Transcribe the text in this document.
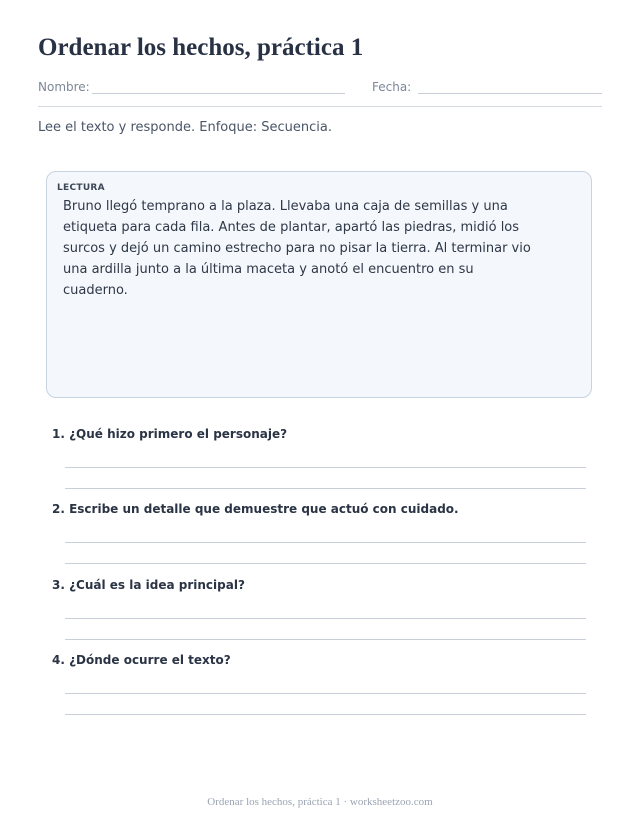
Ordenar los hechos, práctica 1
Nombre:	Fecha:
Lee el texto y responde. Enfoque: Secuencia.
LECTURA

Bruno llegó temprano a la plaza. Llevaba una caja de semillas y una etiqueta para cada fila. Antes de plantar, apartó las piedras, midió los surcos y dejó un camino estrecho para no pisar la tierra. Al terminar vio una ardilla junto a la última maceta y anotó el encuentro en su cuaderno.

1. ¿Qué hizo primero el personaje?
2. Escribe un detalle que demuestre que actuó con cuidado.
3. ¿Cuál es la idea principal?
4. ¿Dónde ocurre el texto?
Ordenar los hechos, práctica 1 · worksheetzoo.com
